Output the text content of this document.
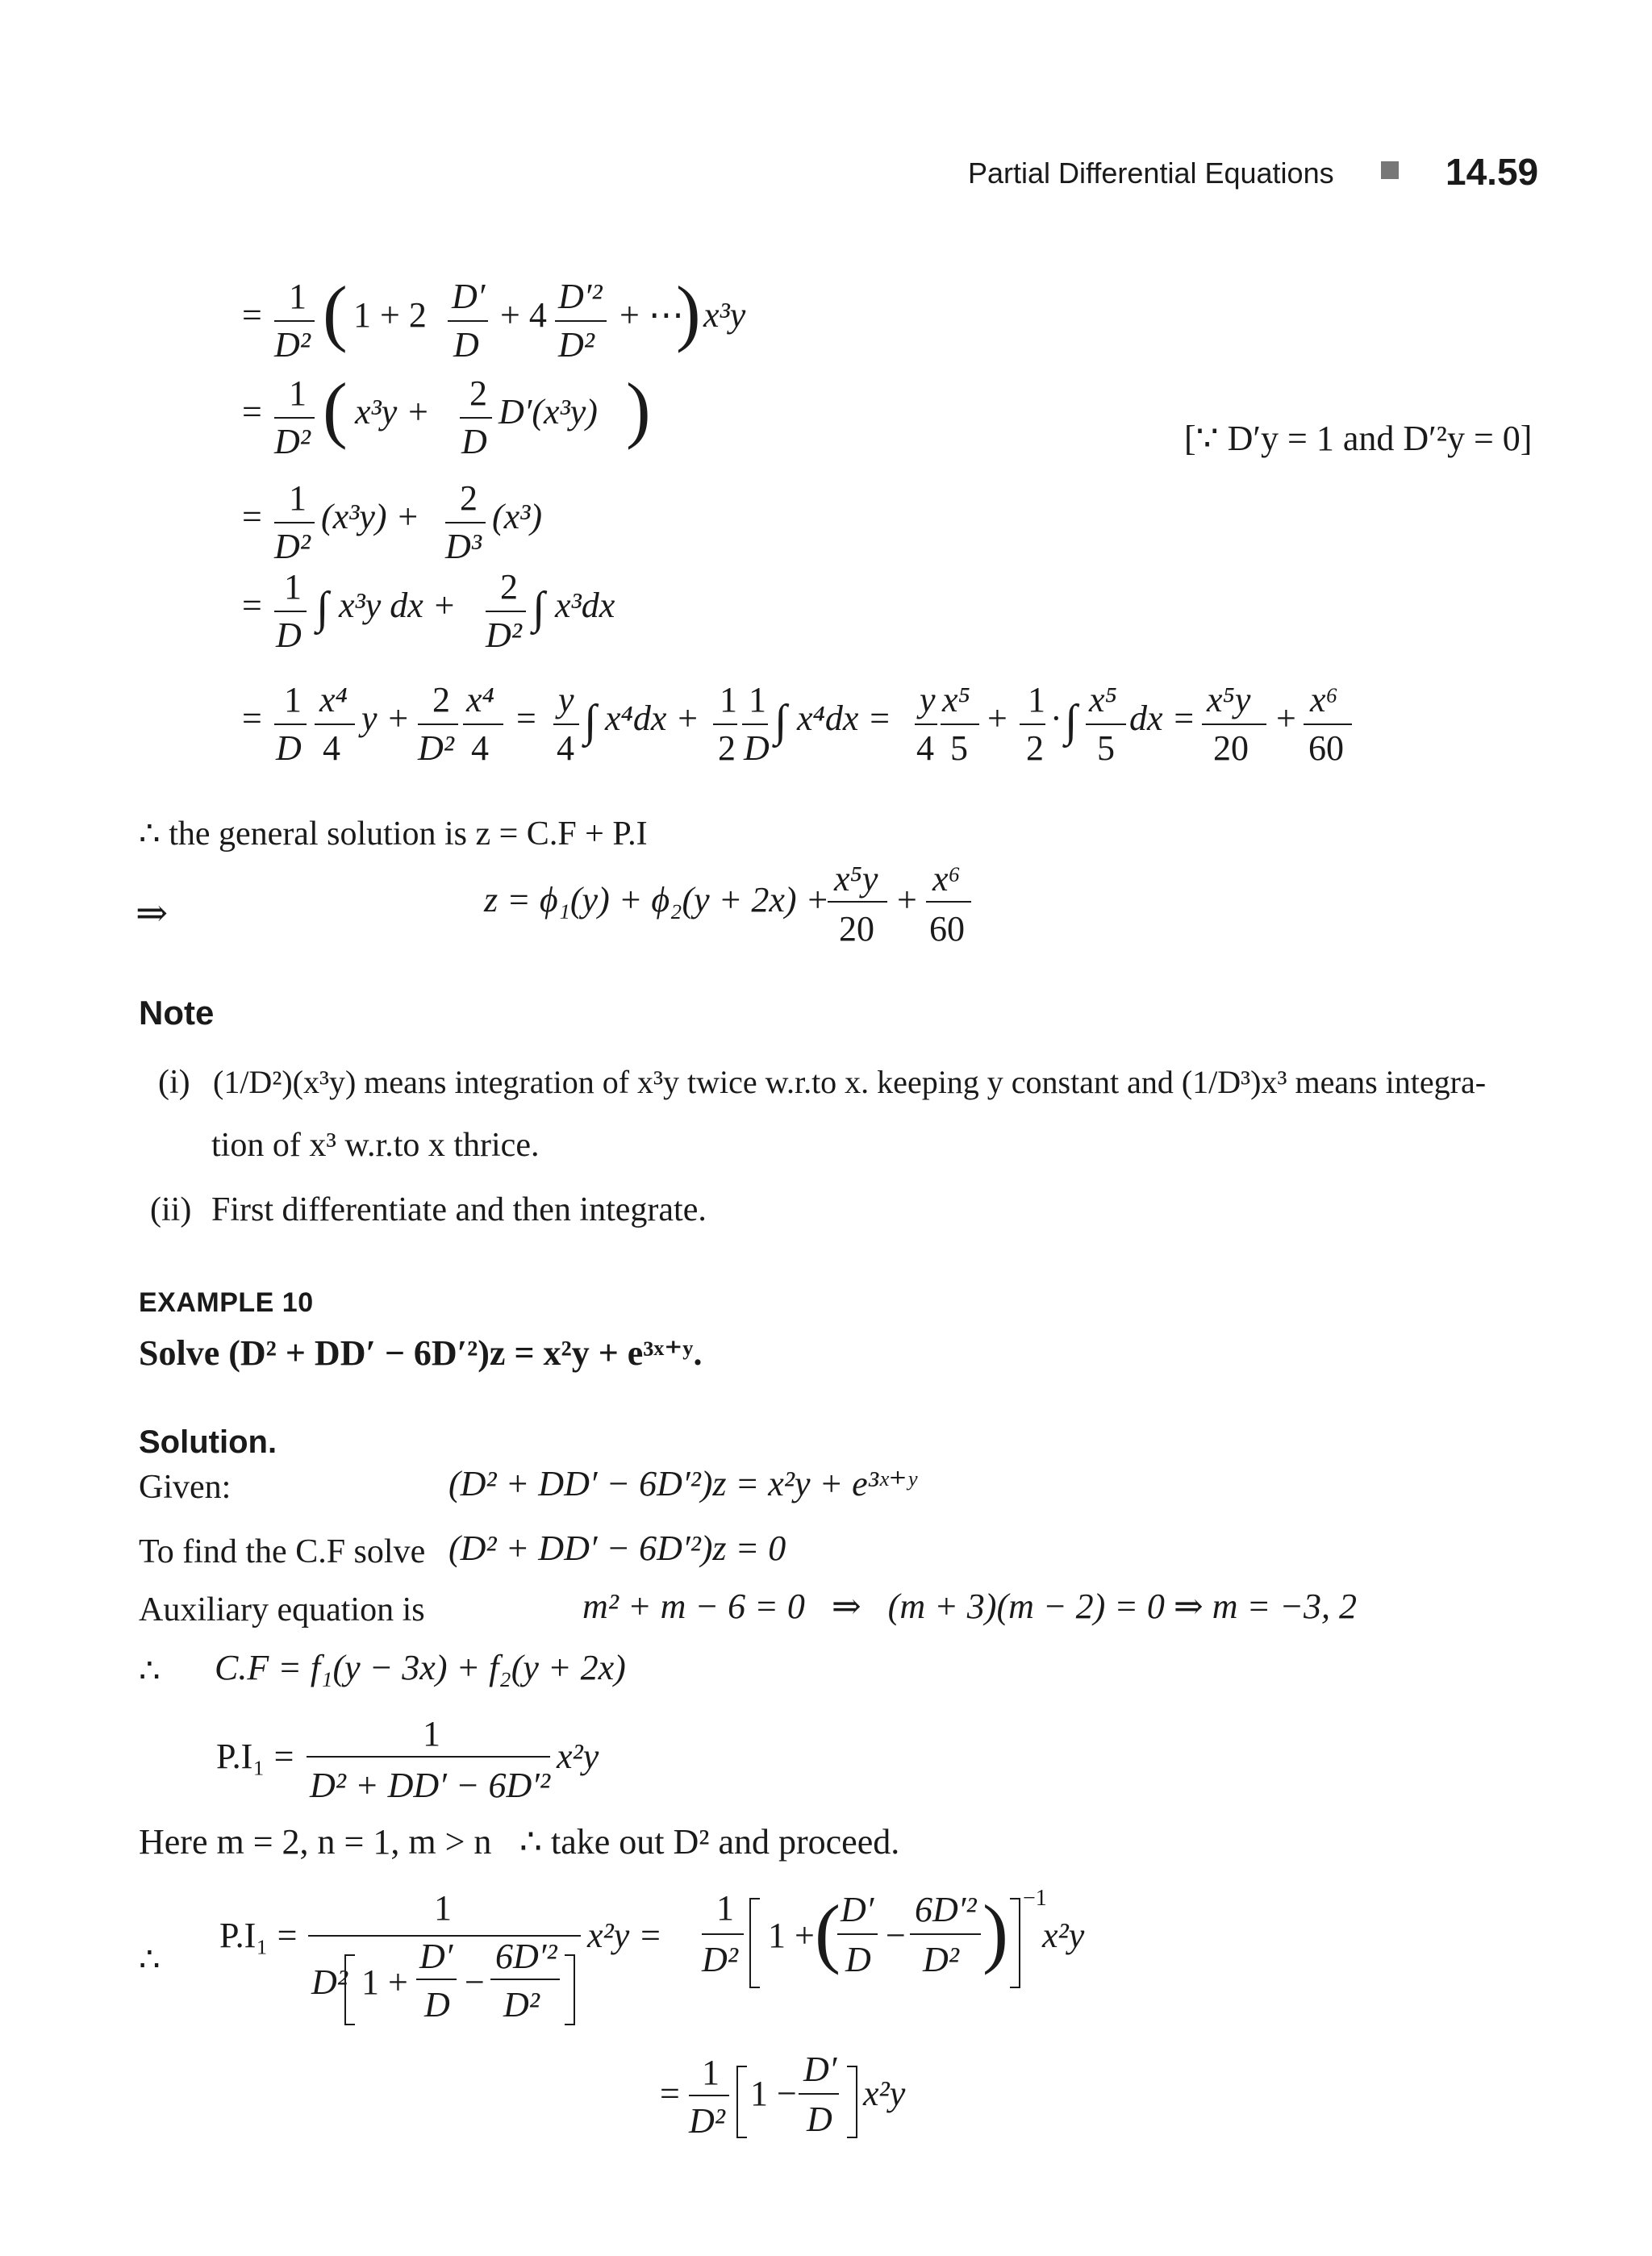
Partial Differential Equations	14.59
= 1
D² ( 1 + 2 D′
D
+ 4 D′²
D²
+ ⋯
) x³y
= 1
D² ( x³y + 2
D
D′(x³y) )
= 1
D²
(x³y) + 2
D³
(x³)
= 1
D
∫ x³y dx + 2
D²
∫ x³dx
= 1
D
x⁴
4
y + 2
D²
x⁴
4
= y
4
∫ x⁴dx + 1
2
1
D
∫ x⁴dx = y
4
x⁵
5
+ 1
2
· ∫ x⁵
5
dx = x⁵y
20
+ x⁶
60
[∵ D′y = 1 and D′²y = 0]
∴ the general solution is z = C.F + P.I
⇒	z = ϕ₁(y) + ϕ₂(y + 2x) +
x⁵y
20
+
x⁶
60
Note
(i) (1/D²)(x³y) means integration of x³y twice w.r.to x. keeping y constant and (1/D³)x³ means integra-
tion of x³ w.r.to x thrice.
(ii) First differentiate and then integrate.
EXAMPLE 10
Solve (D² + DD′ − 6D′²)z = x²y + e³ˣ⁺ʸ.
Solution.
Given:	(D² + DD′ − 6D′²)z = x²y + e³ˣ⁺ʸ
To find the C.F solve (D² + DD′ − 6D′²)z = 0
Auxiliary equation is	m² + m − 6 = 0   ⇒   (m + 3)(m − 2) = 0 ⇒ m = −3, 2
∴ C.F = f₁(y − 3x) + f₂(y + 2x)
P.I₁ =
1
D² + DD′ − 6D′²
x²y
Here m = 2, n = 1, m > n ∴ take out D² and proceed.
∴
P.I₁ =
1
D² 1 +
D′
D
−
6D′²
D²
x²y =
1
D²
1 + ( D′
D
−
6D′²
D² ) −1
x²y
=
1
D²
1 −
D′
D
x²y
